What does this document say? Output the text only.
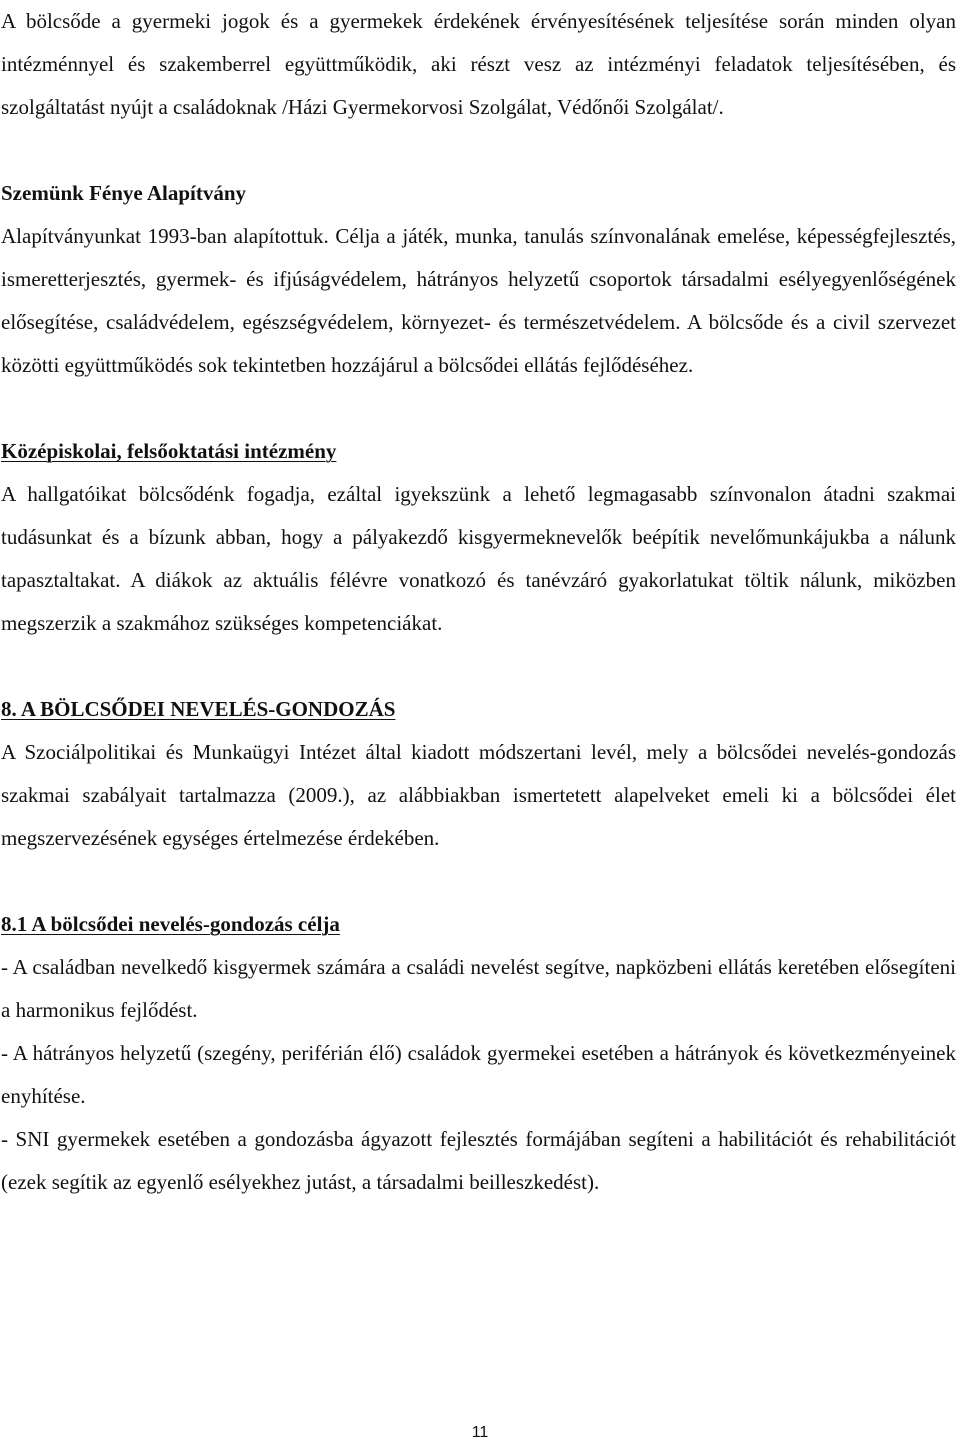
A bölcsőde a gyermeki jogok és a gyermekek érdekének érvényesítésének teljesítése során minden olyan intézménnyel és szakemberrel együttműködik, aki részt vesz az intézményi feladatok teljesítésében, és szolgáltatást nyújt a családoknak /Házi Gyermekorvosi Szolgálat, Védőnői Szolgálat/.

Szemünk Fénye Alapítvány

Alapítványunkat 1993-ban alapítottuk. Célja a játék, munka, tanulás színvonalának emelése, képességfejlesztés, ismeretterjesztés, gyermek- és ifjúságvédelem, hátrányos helyzetű csoportok társadalmi esélyegyenlőségének elősegítése, családvédelem, egészségvédelem, környezet- és természetvédelem. A bölcsőde és a civil szervezet közötti együttműködés sok tekintetben hozzájárul a bölcsődei ellátás fejlődéséhez.

Középiskolai, felsőoktatási intézmény

A hallgatóikat bölcsődénk fogadja, ezáltal igyekszünk a lehető legmagasabb színvonalon átadni szakmai tudásunkat és a bízunk abban, hogy a pályakezdő kisgyermeknevelők beépítik nevelőmunkájukba a nálunk tapasztaltakat. A diákok az aktuális félévre vonatkozó és tanévzáró gyakorlatukat töltik nálunk, miközben megszerzik a szakmához szükséges kompetenciákat.

8. A BÖLCSŐDEI NEVELÉS-GONDOZÁS

A Szociálpolitikai és Munkaügyi Intézet által kiadott módszertani levél, mely a bölcsődei nevelés-gondozás szakmai szabályait tartalmazza (2009.), az alábbiakban ismertetett alapelveket emeli ki a bölcsődei élet megszervezésének egységes értelmezése érdekében.

8.1 A bölcsődei nevelés-gondozás célja

- A családban nevelkedő kisgyermek számára a családi nevelést segítve, napközbeni ellátás keretében elősegíteni a harmonikus fejlődést.

- A hátrányos helyzetű (szegény, periférián élő) családok gyermekei esetében a hátrányok és következményeinek enyhítése.

- SNI gyermekek esetében a gondozásba ágyazott fejlesztés formájában segíteni a habilitációt és rehabilitációt (ezek segítik az egyenlő esélyekhez jutást, a társadalmi beilleszkedést).

11
